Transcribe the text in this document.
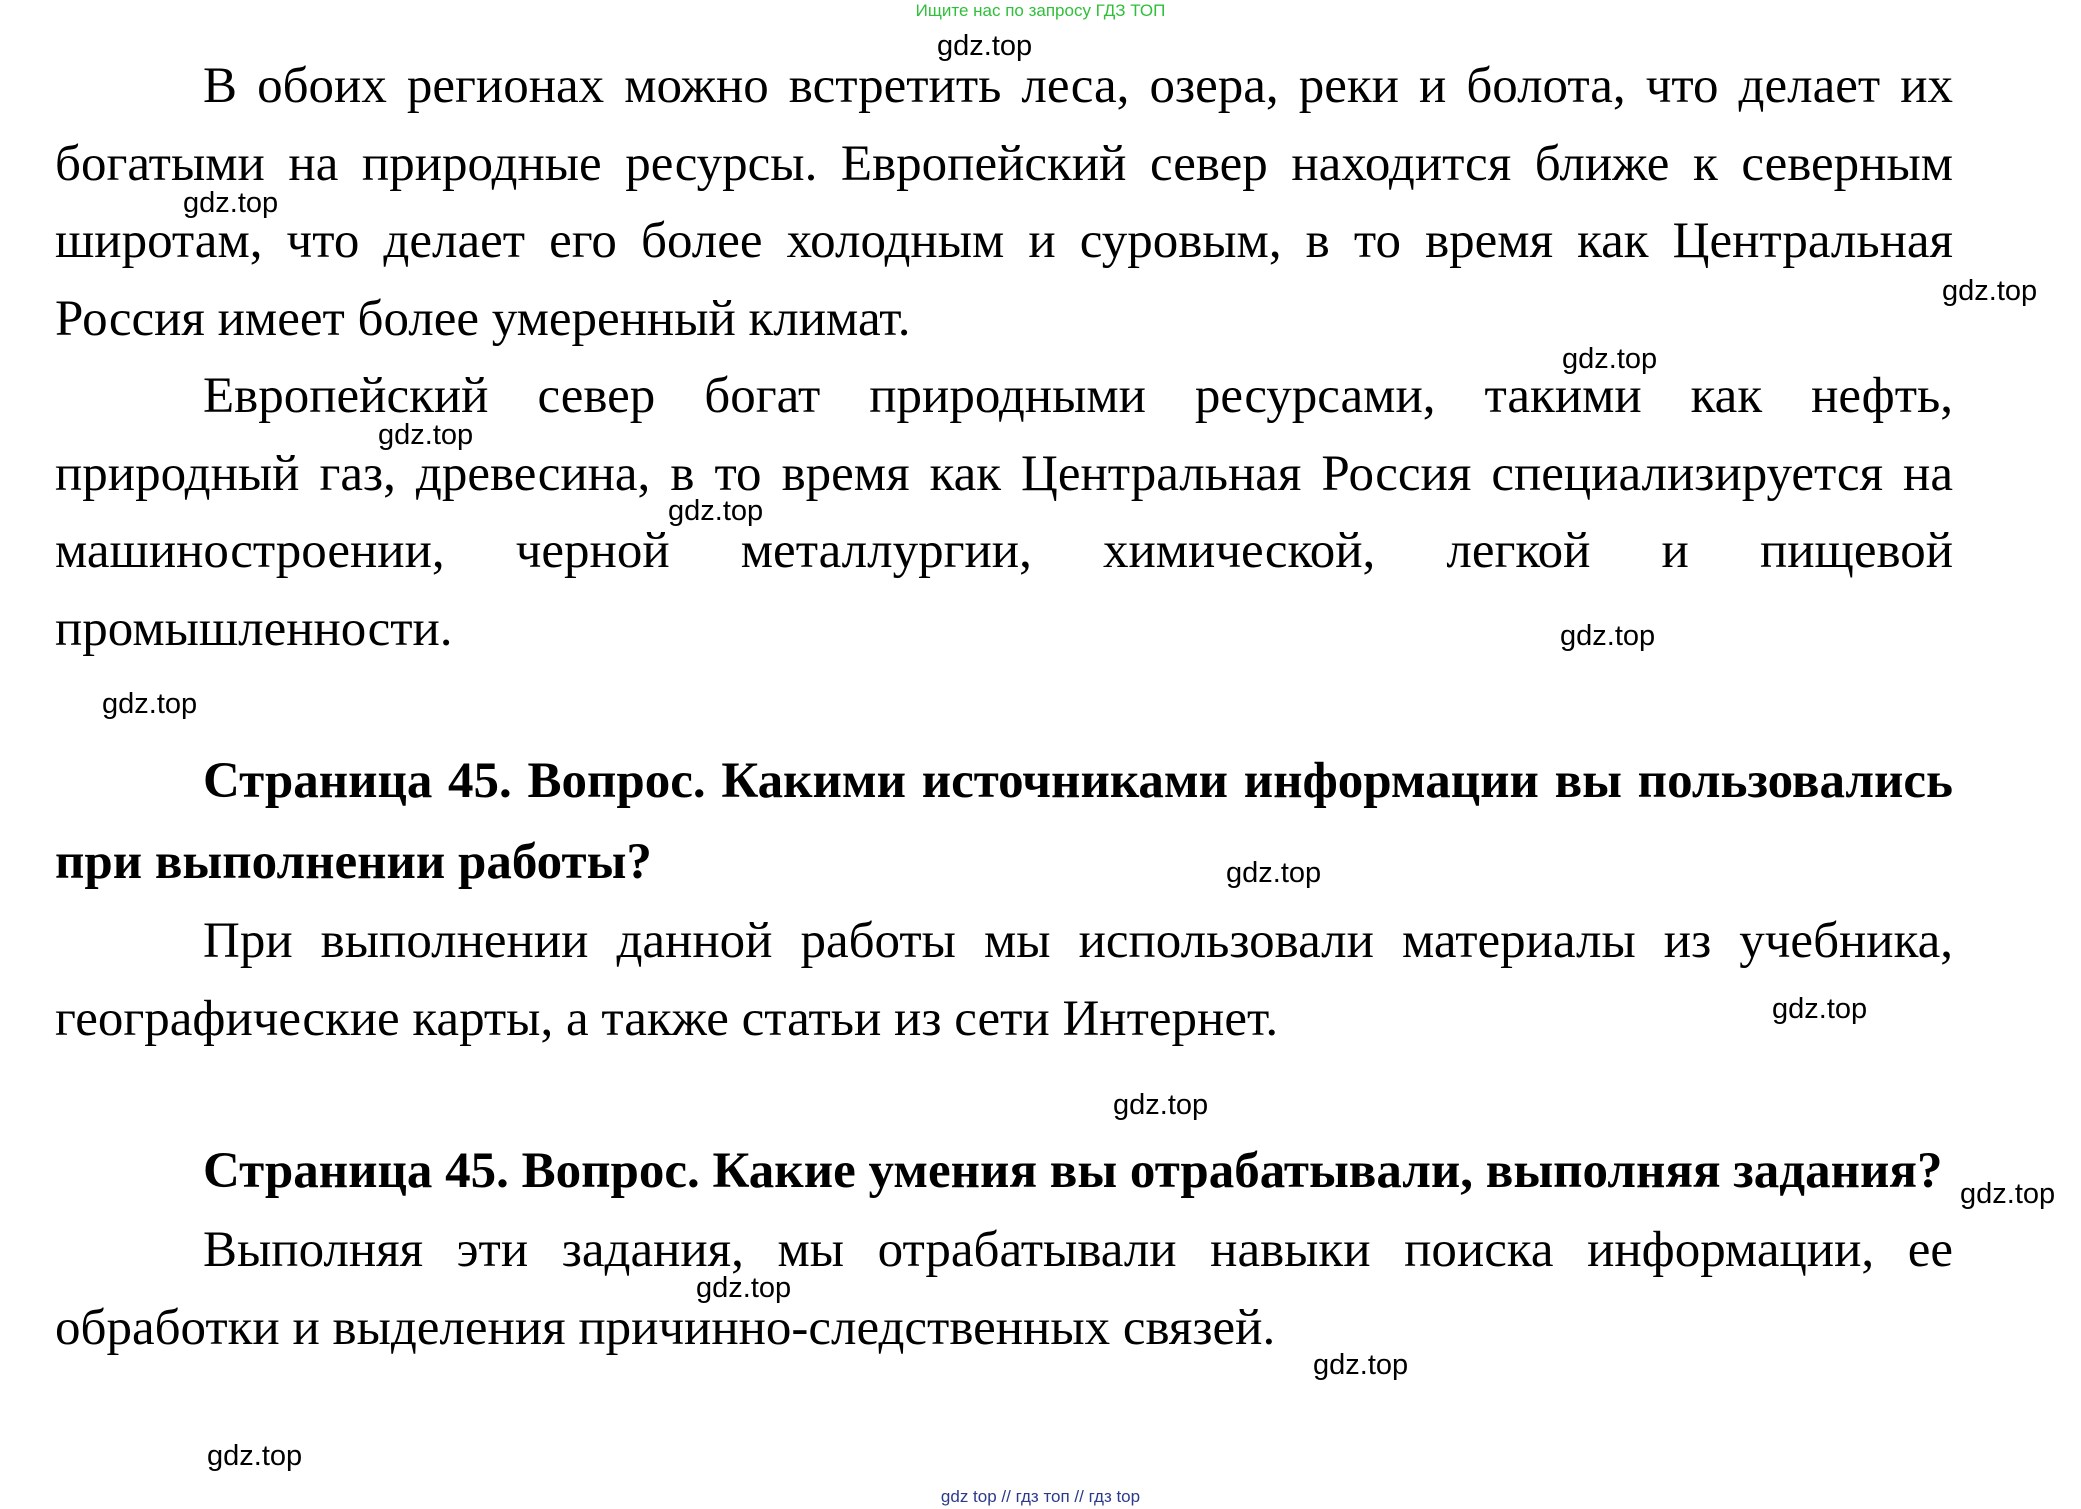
Ищите нас по запросу ГДЗ ТОП

В обоих регионах можно встретить леса, озера, реки и болота, что делает их богатыми на природные ресурсы. Европейский север находится ближе к северным широтам, что делает его более холодным и суровым, в то время как Центральная Россия имеет более умеренный климат.

Европейский север богат природными ресурсами, такими как нефть, природный газ, древесина, в то время как Центральная Россия специализируется на машиностроении, черной металлургии, химической, легкой и пищевой промышленности.

Страница 45. Вопрос. Какими источниками информации вы пользовались при выполнении работы?

При выполнении данной работы мы использовали материалы из учебника, географические карты, а также статьи из сети Интернет.

Страница 45. Вопрос. Какие умения вы отрабатывали, выполняя задания?

Выполняя эти задания, мы отрабатывали навыки поиска информации, ее обработки и выделения причинно-следственных связей.

gdz.top
gdz.top
gdz.top
gdz.top
gdz.top
gdz.top
gdz.top
gdz.top
gdz.top
gdz.top
gdz.top
gdz.top
gdz.top
gdz.top
gdz.top
gdz top // гдз топ // гдз top
